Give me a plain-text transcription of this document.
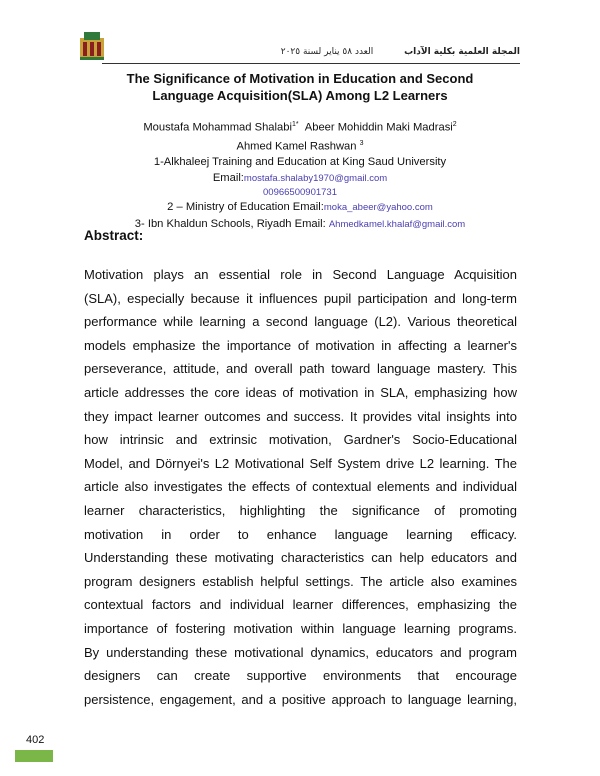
المجلة العلمية بكلية الآداب العدد ٥٨ يناير لسنة ٢٠٢٥
The Significance of Motivation in Education and Second
Language Acquisition(SLA) Among L2 Learners
Moustafa Mohammad Shalabi$^{1*}$ Abeer Mohiddin Maki Madrasi$^2$
Ahmed Kamel Rashwan $^3$
1-Alkhaleej Training and Education at King Saud University
Email:mostafa.shalaby1970@gmail.com
00966500901731
2 – Ministry of Education Email:moka_abeer@yahoo.com
3- Ibn Khaldun Schools, Riyadh Email: Ahmedkamel.khalaf@gmail.com
Abstract:
Motivation plays an essential role in Second Language Acquisition
(SLA), especially because it influences pupil participation and long-term
performance while learning a second language (L2). Various theoretical
models emphasize the importance of motivation in affecting a learner's
perseverance, attitude, and overall path toward language mastery. This
article addresses the core ideas of motivation in SLA, emphasizing how
they impact learner outcomes and success. It provides vital insights into
how intrinsic and extrinsic motivation, Gardner's Socio-Educational
Model, and Dörnyei's L2 Motivational Self System drive L2 learning. The
article also investigates the effects of contextual elements and individual
learner characteristics, highlighting the significance of promoting
motivation in order to enhance language learning efficacy.
Understanding these motivating characteristics can help educators and
program designers establish helpful settings. The article also examines
contextual factors and individual learner differences, emphasizing the
importance of fostering motivation within language learning programs.
By understanding these motivational dynamics, educators and program
designers can create supportive environments that encourage
persistence, engagement, and a positive approach to language learning,
402
